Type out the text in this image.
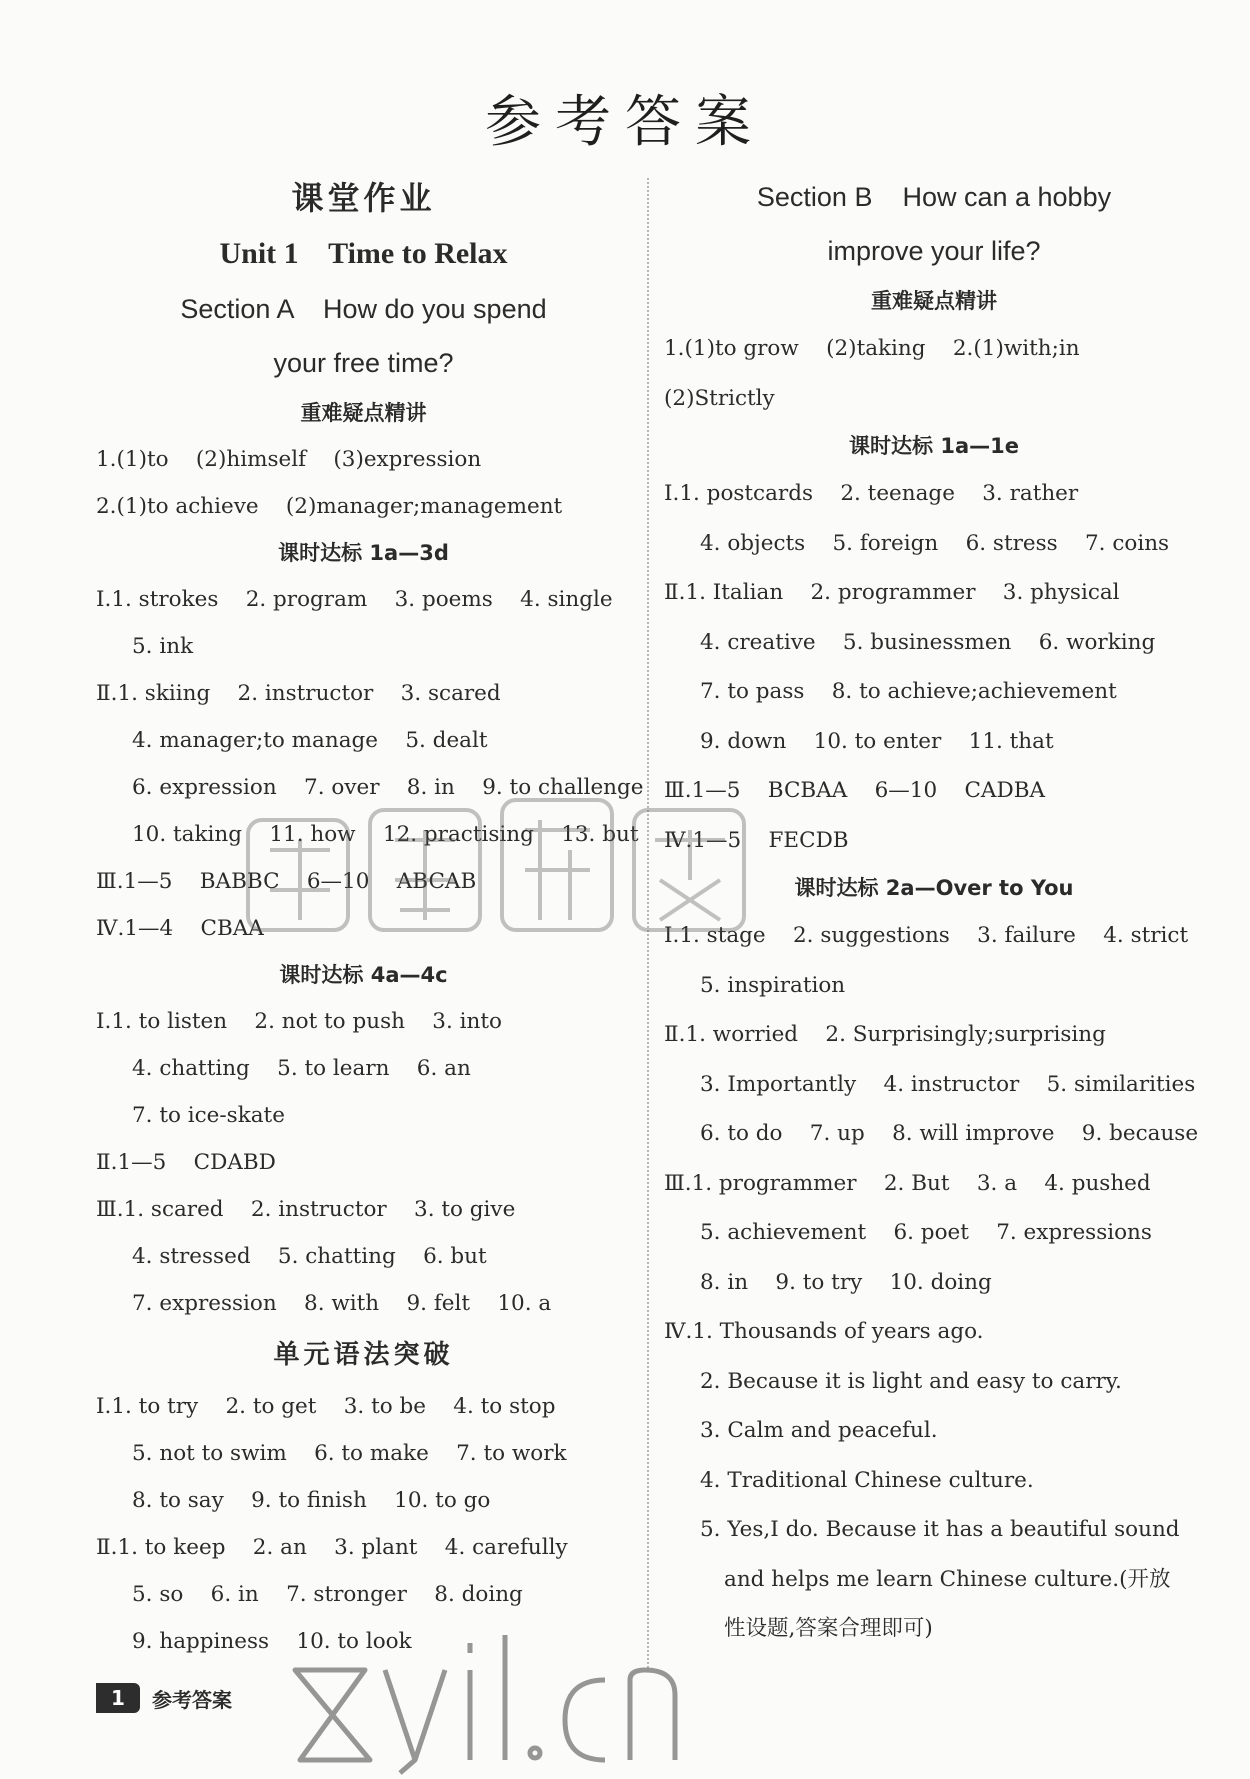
参考答案
课堂作业
Unit 1    Time to Relax
Section A    How do you spend
your free time?
重难疑点精讲
1.(1)to    (2)himself    (3)expression
2.(1)to achieve    (2)manager;management
课时达标 1a—3d
Ⅰ.1. strokes    2. program    3. poems    4. single
5. ink
Ⅱ.1. skiing    2. instructor    3. scared
4. manager;to manage    5. dealt
6. expression    7. over    8. in    9. to challenge
10. taking    11. how    12. practising    13. but
Ⅲ.1—5    BABBC    6—10    ABCAB
Ⅳ.1—4    CBAA
课时达标 4a—4c
Ⅰ.1. to listen    2. not to push    3. into
4. chatting    5. to learn    6. an
7. to ice-skate
Ⅱ.1—5    CDABD
Ⅲ.1. scared    2. instructor    3. to give
4. stressed    5. chatting    6. but
7. expression    8. with    9. felt    10. a
单元语法突破
Ⅰ.1. to try    2. to get    3. to be    4. to stop
5. not to swim    6. to make    7. to work
8. to say    9. to finish    10. to go
Ⅱ.1. to keep    2. an    3. plant    4. carefully
5. so    6. in    7. stronger    8. doing
9. happiness    10. to look
Section B    How can a hobby
improve your life?
重难疑点精讲
1.(1)to grow    (2)taking    2.(1)with;in
(2)Strictly
课时达标 1a—1e
Ⅰ.1. postcards    2. teenage    3. rather
4. objects    5. foreign    6. stress    7. coins
Ⅱ.1. Italian    2. programmer    3. physical
4. creative    5. businessmen    6. working
7. to pass    8. to achieve;achievement
9. down    10. to enter    11. that
Ⅲ.1—5    BCBAA    6—10    CADBA
Ⅳ.1—5    FECDB
课时达标 2a—Over to You
Ⅰ.1. stage    2. suggestions    3. failure    4. strict
5. inspiration
Ⅱ.1. worried    2. Surprisingly;surprising
3. Importantly    4. instructor    5. similarities
6. to do    7. up    8. will improve    9. because
Ⅲ.1. programmer    2. But    3. a    4. pushed
5. achievement    6. poet    7. expressions
8. in    9. to try    10. doing
Ⅳ.1. Thousands of years ago.
2. Because it is light and easy to carry.
3. Calm and peaceful.
4. Traditional Chinese culture.
5. Yes,I do. Because it has a beautiful sound
and helps me learn Chinese culture.(开放
性设题,答案合理即可)
1	参考答案
